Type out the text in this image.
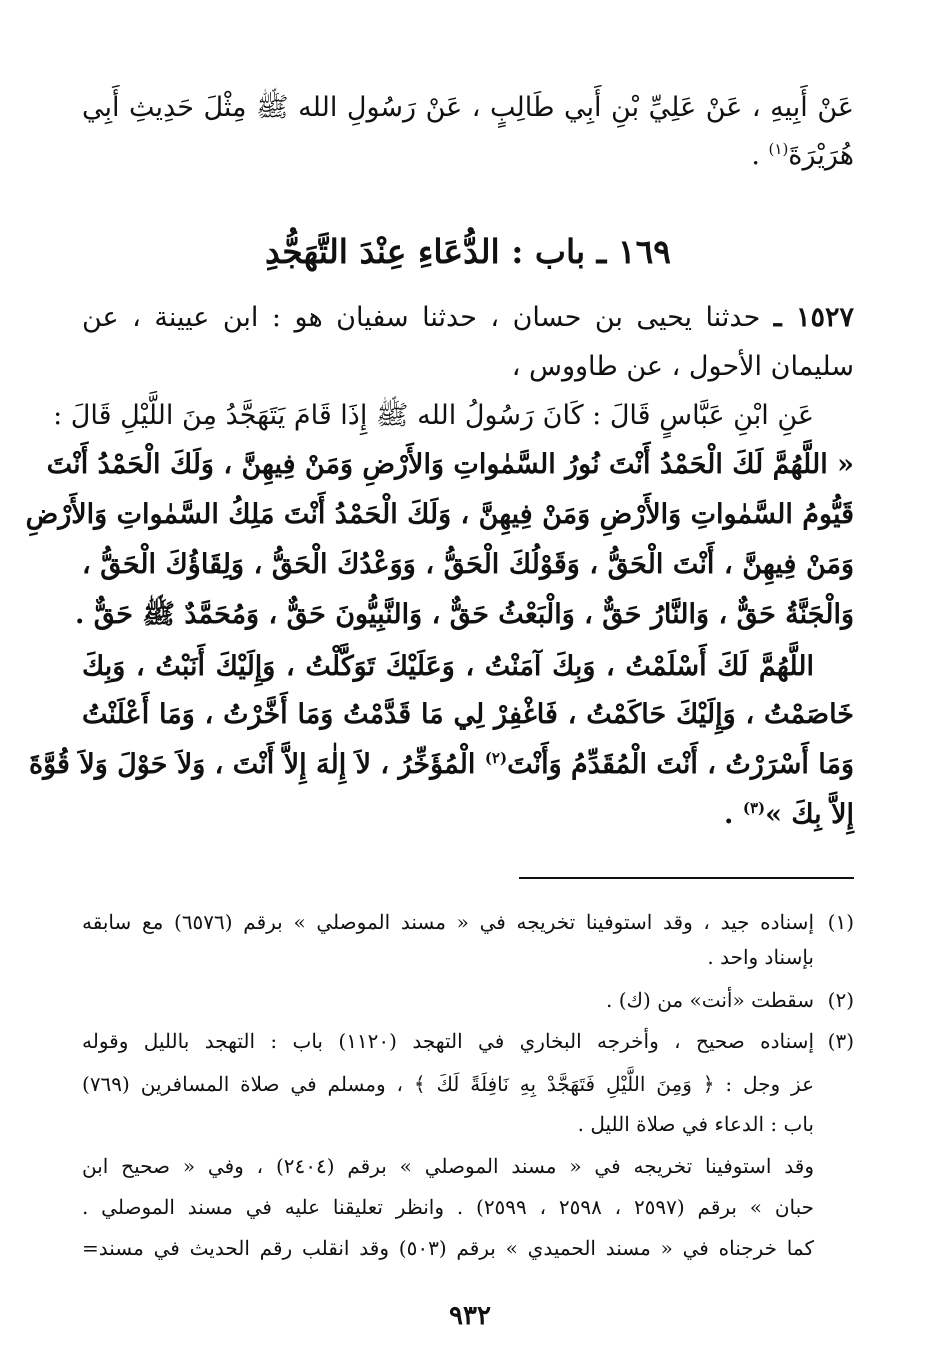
عَنْ أَبِيهِ ، عَنْ عَلِيِّ بْنِ أَبِي طَالِبٍ ، عَنْ رَسُولِ الله ﷺ مِثْلَ حَدِيثِ أَبِي
هُرَيْرَةَ$^{(١)}$ .
١٦٩ ـ باب : الدُّعَاءِ عِنْدَ التَّهَجُّدِ
١٥٢٧ ـ حدثنا يحيى بن حسان ، حدثنا سفيان هو : ابن عيينة ، عن
سليمان الأحول ، عن طاووس ،
عَنِ ابْنِ عَبَّاسٍ قَالَ : كَانَ رَسُولُ الله ﷺ إِذَا قَامَ يَتَهَجَّدُ مِنَ اللَّيْلِ قَالَ :
« اللَّهُمَّ لَكَ الْحَمْدُ أَنْتَ نُورُ السَّمٰواتِ وَالأَرْضِ وَمَنْ فِيهِنَّ ، وَلَكَ الْحَمْدُ أَنْتَ
قَيُّومُ السَّمٰواتِ وَالأَرْضِ وَمَنْ فِيهِنَّ ، وَلَكَ الْحَمْدُ أَنْتَ مَلِكُ السَّمٰواتِ وَالأَرْضِ
وَمَنْ فِيهِنَّ ، أَنْتَ الْحَقُّ ، وَقَوْلُكَ الْحَقُّ ، وَوَعْدُكَ الْحَقُّ ، وَلِقَاؤُكَ الْحَقُّ ،
وَالْجَنَّةُ حَقٌّ ، وَالنَّارُ حَقٌّ ، وَالْبَعْثُ حَقٌّ ، وَالنَّبِيُّونَ حَقٌّ ، وَمُحَمَّدٌ ﷺ حَقٌّ .
اللَّهُمَّ لَكَ أَسْلَمْتُ ، وَبِكَ آمَنْتُ ، وَعَلَيْكَ تَوَكَّلْتُ ، وَإِلَيْكَ أَنَبْتُ ، وَبِكَ
خَاصَمْتُ ، وَإِلَيْكَ حَاكَمْتُ ، فَاغْفِرْ لِي مَا قَدَّمْتُ وَمَا أَخَّرْتُ ، وَمَا أَعْلَنْتُ
وَمَا أَسْرَرْتُ ، أَنْتَ الْمُقَدِّمُ وَأَنْتَ$^{(٢)}$ الْمُؤَخِّرُ ، لاَ إِلٰهَ إِلاَّ أَنْتَ ، وَلاَ حَوْلَ وَلاَ قُوَّةَ
إِلاَّ بِكَ »$^{(٣)}$ .
(١)إسناده جيد ، وقد استوفينا تخريجه في « مسند الموصلي » برقم (٦٥٧٦) مع سابقه
بإسناد واحد .
(٢)سقطت «أنت» من (ك) .
(٣)إسناده صحيح ، وأخرجه البخاري في التهجد (١١٢٠) باب : التهجد بالليل وقوله
عز وجل : ﴿ وَمِنَ اللَّيْلِ فَتَهَجَّدْ بِهِ نَافِلَةً لَكَ ﴾ ، ومسلم في صلاة المسافرين (٧٦٩)
باب : الدعاء في صلاة الليل .
وقد استوفينا تخريجه في « مسند الموصلي » برقم (٢٤٠٤) ، وفي « صحيح ابن
حبان » برقم (٢٥٩٧ ، ٢٥٩٨ ، ٢٥٩٩) . وانظر تعليقنا عليه في مسند الموصلي .
كما خرجناه في « مسند الحميدي » برقم (٥٠٣) وقد انقلب رقم الحديث في مسند=
٩٣٢
